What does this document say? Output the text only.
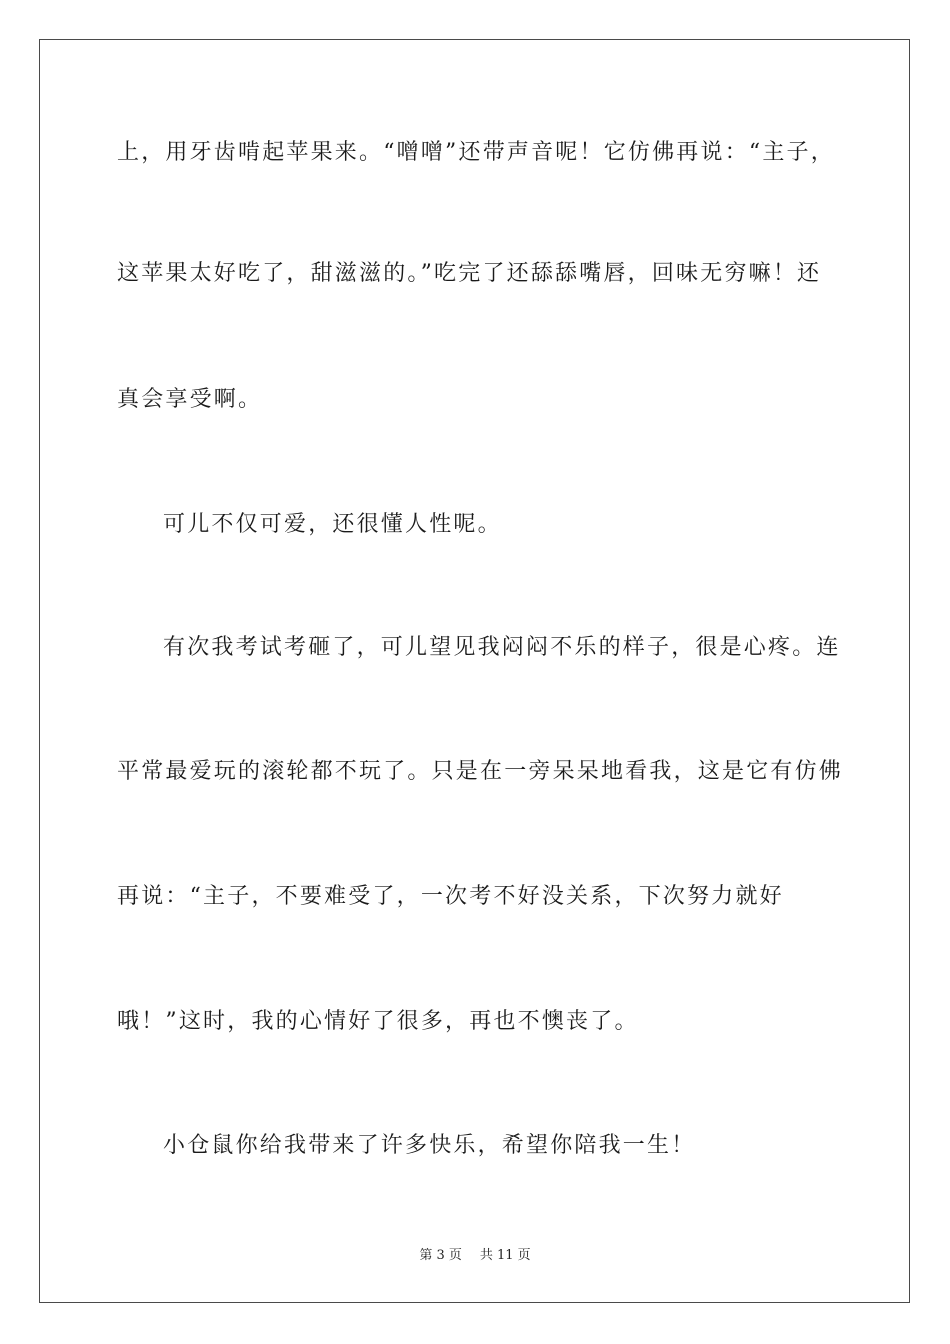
上，用牙齿啃起苹果来。“噌噌”还带声音呢！它仿佛再说：“主子，
这苹果太好吃了，甜滋滋的。”吃完了还舔舔嘴唇，回味无穷嘛！还
真会享受啊。
可儿不仅可爱，还很懂人性呢。
有次我考试考砸了，可儿望见我闷闷不乐的样子，很是心疼。连
平常最爱玩的滚轮都不玩了。只是在一旁呆呆地看我，这是它有仿佛
再说：“主子，不要难受了，一次考不好没关系，下次努力就好
哦！”这时，我的心情好了很多，再也不懊丧了。
小仓鼠你给我带来了许多快乐，希望你陪我一生！
第 3 页 共 11 页
